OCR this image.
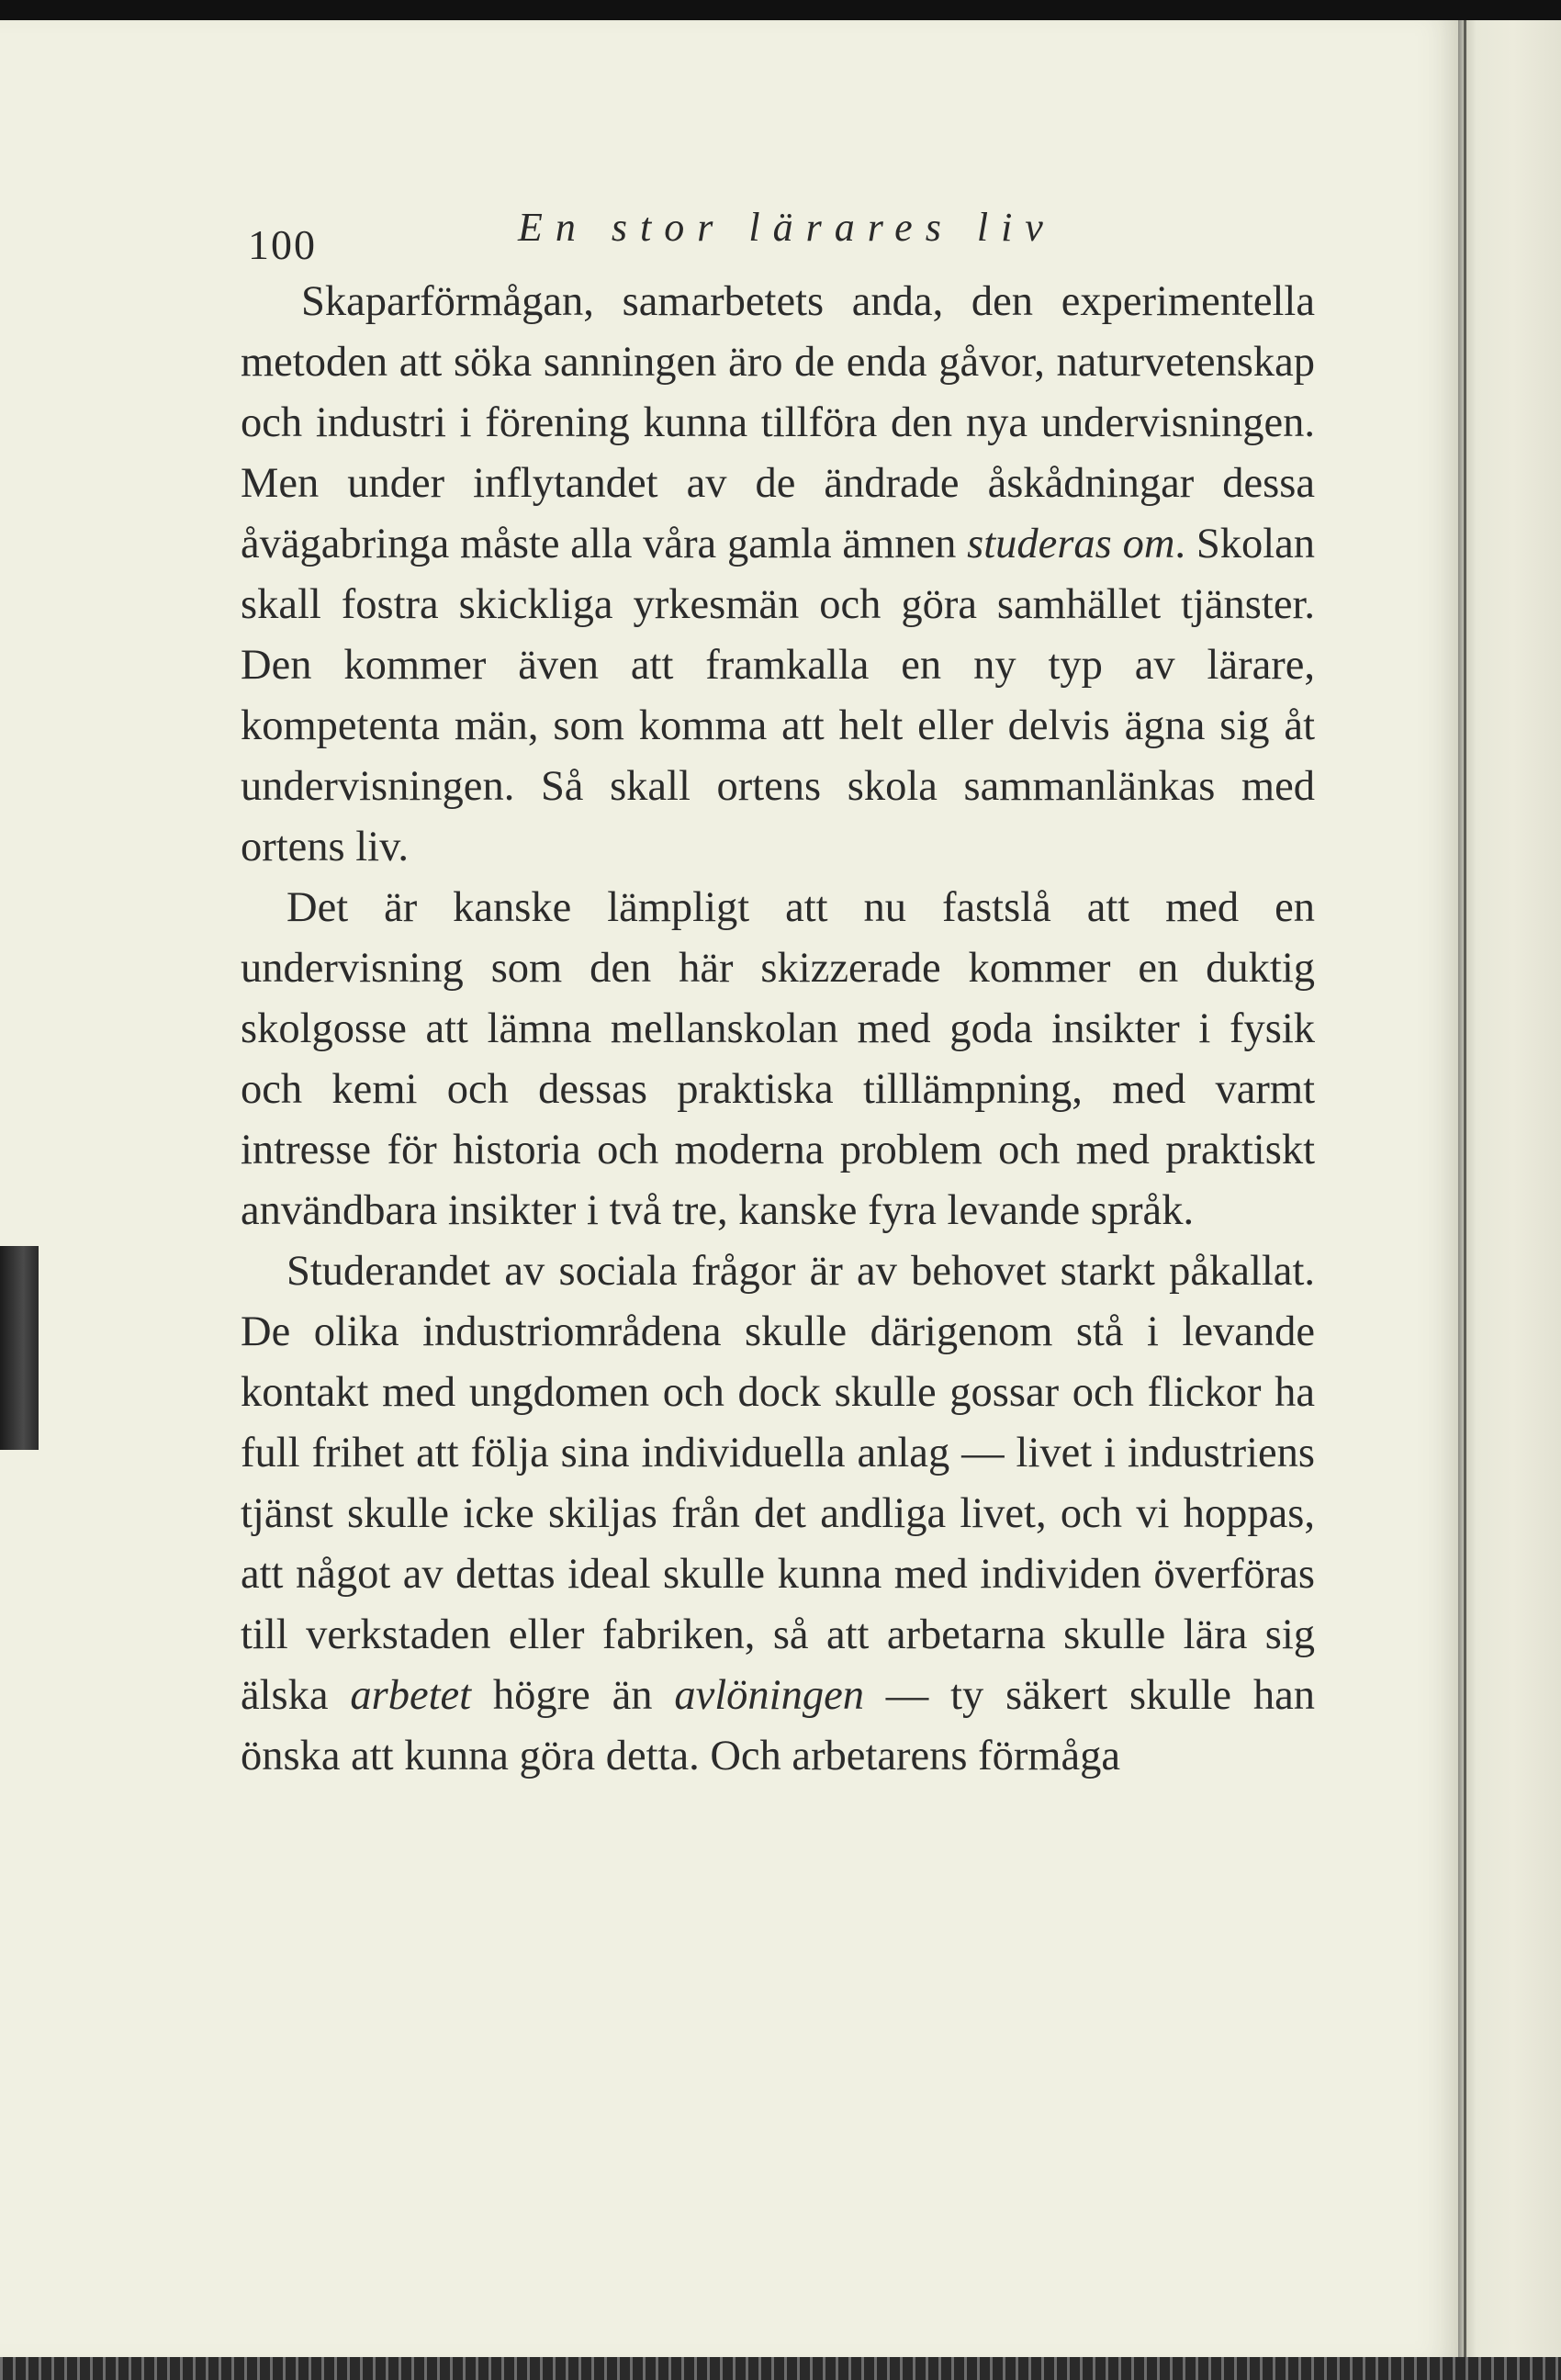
100	En stor lärares liv

Skaparförmågan, samarbetets anda, den experimentella metoden att söka sanningen äro de enda gåvor, naturvetenskap och industri i förening kunna tillföra den nya undervisningen. Men under inflytandet av de ändrade åskådningar dessa åvägabringa måste alla våra gamla ämnen studeras om. Skolan skall fostra skickliga yrkesmän och göra samhället tjänster. Den kommer även att framkalla en ny typ av lärare, kompetenta män, som komma att helt eller delvis ägna sig åt undervisningen. Så skall ortens skola sammanlänkas med ortens liv.

Det är kanske lämpligt att nu fastslå att med en undervisning som den här skizzerade kommer en duktig skolgosse att lämna mellanskolan med goda insikter i fysik och kemi och dessas praktiska tilllämpning, med varmt intresse för historia och moderna problem och med praktiskt användbara insikter i två tre, kanske fyra levande språk.

Studerandet av sociala frågor är av behovet starkt påkallat. De olika industriområdena skulle därigenom stå i levande kontakt med ungdomen och dock skulle gossar och flickor ha full frihet att följa sina individuella anlag — livet i industriens tjänst skulle icke skiljas från det andliga livet, och vi hoppas, att något av dettas ideal skulle kunna med individen överföras till verkstaden eller fabriken, så att arbetarna skulle lära sig älska arbetet högre än avlöningen — ty säkert skulle han önska att kunna göra detta. Och arbetarens förmåga
